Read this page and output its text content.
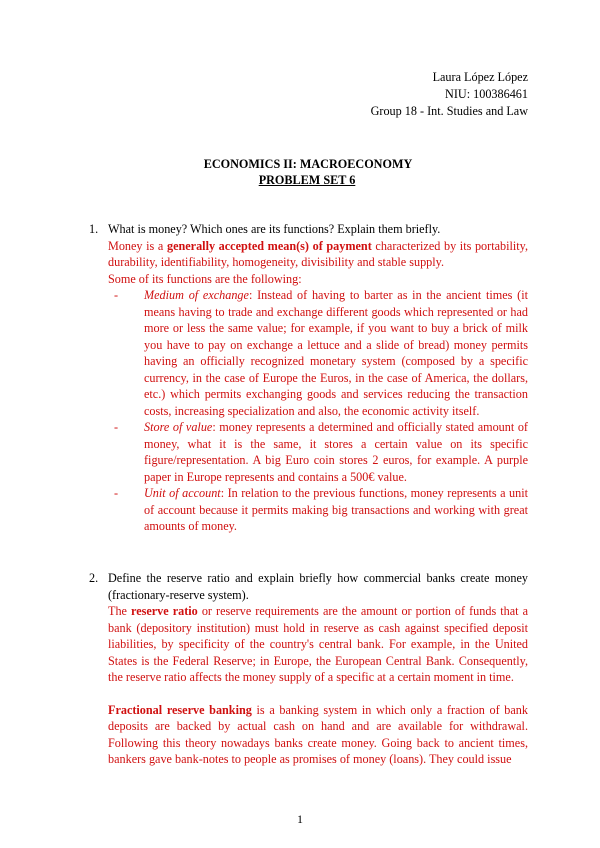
Laura López López
NIU: 100386461
Group 18 - Int. Studies and Law
ECONOMICS II: MACROECONOMY
PROBLEM SET 6
1. What is money? Which ones are its functions? Explain them briefly.
Money is a generally accepted mean(s) of payment characterized by its portability, durability, identifiability, homogeneity, divisibility and stable supply.
Some of its functions are the following:
- Medium of exchange: Instead of having to barter as in the ancient times (it means having to trade and exchange different goods which represented or had more or less the same value; for example, if you want to buy a brick of milk you have to pay on exchange a lettuce and a slide of bread) money permits having an officially recognized monetary system (composed by a specific currency, in the case of Europe the Euros, in the case of America, the dollars, etc.) which permits exchanging goods and services reducing the transaction costs, increasing specialization and also, the economic activity itself.
- Store of value: money represents a determined and officially stated amount of money, what it is the same, it stores a certain value on its specific figure/representation. A big Euro coin stores 2 euros, for example. A purple paper in Europe represents and contains a 500€ value.
- Unit of account: In relation to the previous functions, money represents a unit of account because it permits making big transactions and working with great amounts of money.
2. Define the reserve ratio and explain briefly how commercial banks create money (fractionary-reserve system).
The reserve ratio or reserve requirements are the amount or portion of funds that a bank (depository institution) must hold in reserve as cash against specified deposit liabilities, by specificity of the country's central bank. For example, in the United States is the Federal Reserve; in Europe, the European Central Bank. Consequently, the reserve ratio affects the money supply of a specific at a certain moment in time.
Fractional reserve banking is a banking system in which only a fraction of bank deposits are backed by actual cash on hand and are available for withdrawal. Following this theory nowadays banks create money. Going back to ancient times, bankers gave bank-notes to people as promises of money (loans). They could issue
1
